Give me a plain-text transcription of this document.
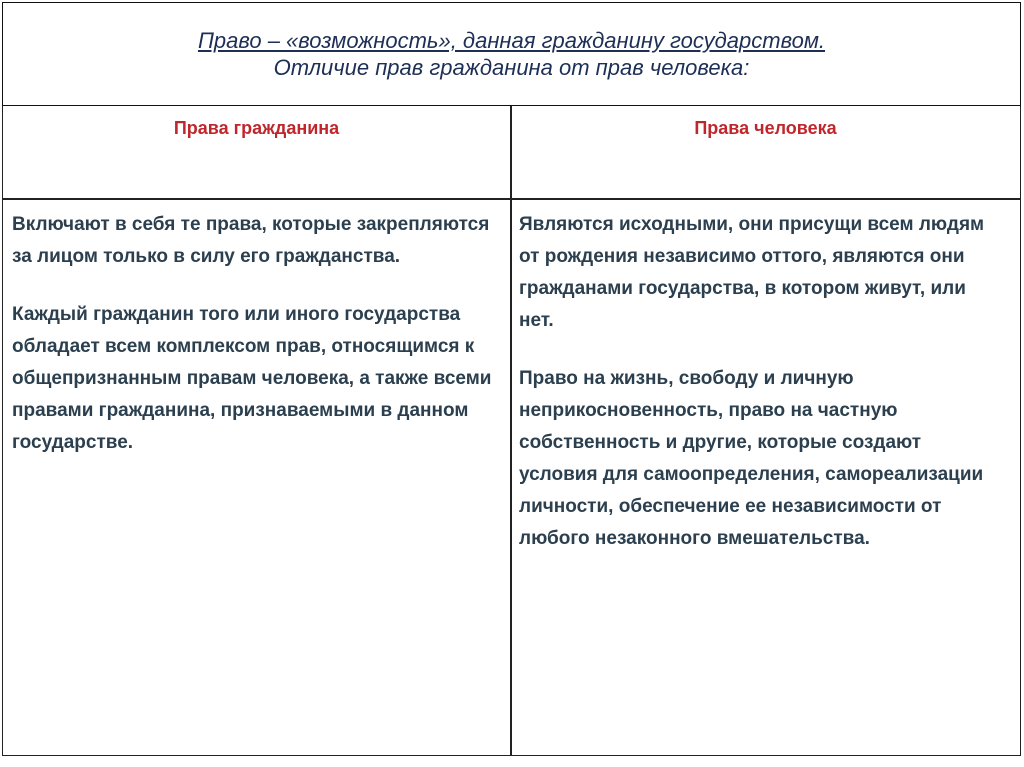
Право – «возможность», данная гражданину государством.
Отличие прав гражданина от прав человека:
Права гражданина	Права человека

Включают в себя те права, которые закрепляются за лицом только в силу его гражданства.

Каждый гражданин того или иного государства обладает всем комплексом прав, относящимся к общепризнанным правам человека, а также всеми правами гражданина, признаваемыми в данном государстве.

Являются исходными, они присущи всем людям от рождения независимо оттого, являются они гражданами государства, в котором живут, или нет.

Право на жизнь, свободу и личную неприкосновенность, право на частную собственность и другие, которые создают условия для самоопределения, самореализации личности, обеспечение ее независимости от любого незаконного вмешательства.
